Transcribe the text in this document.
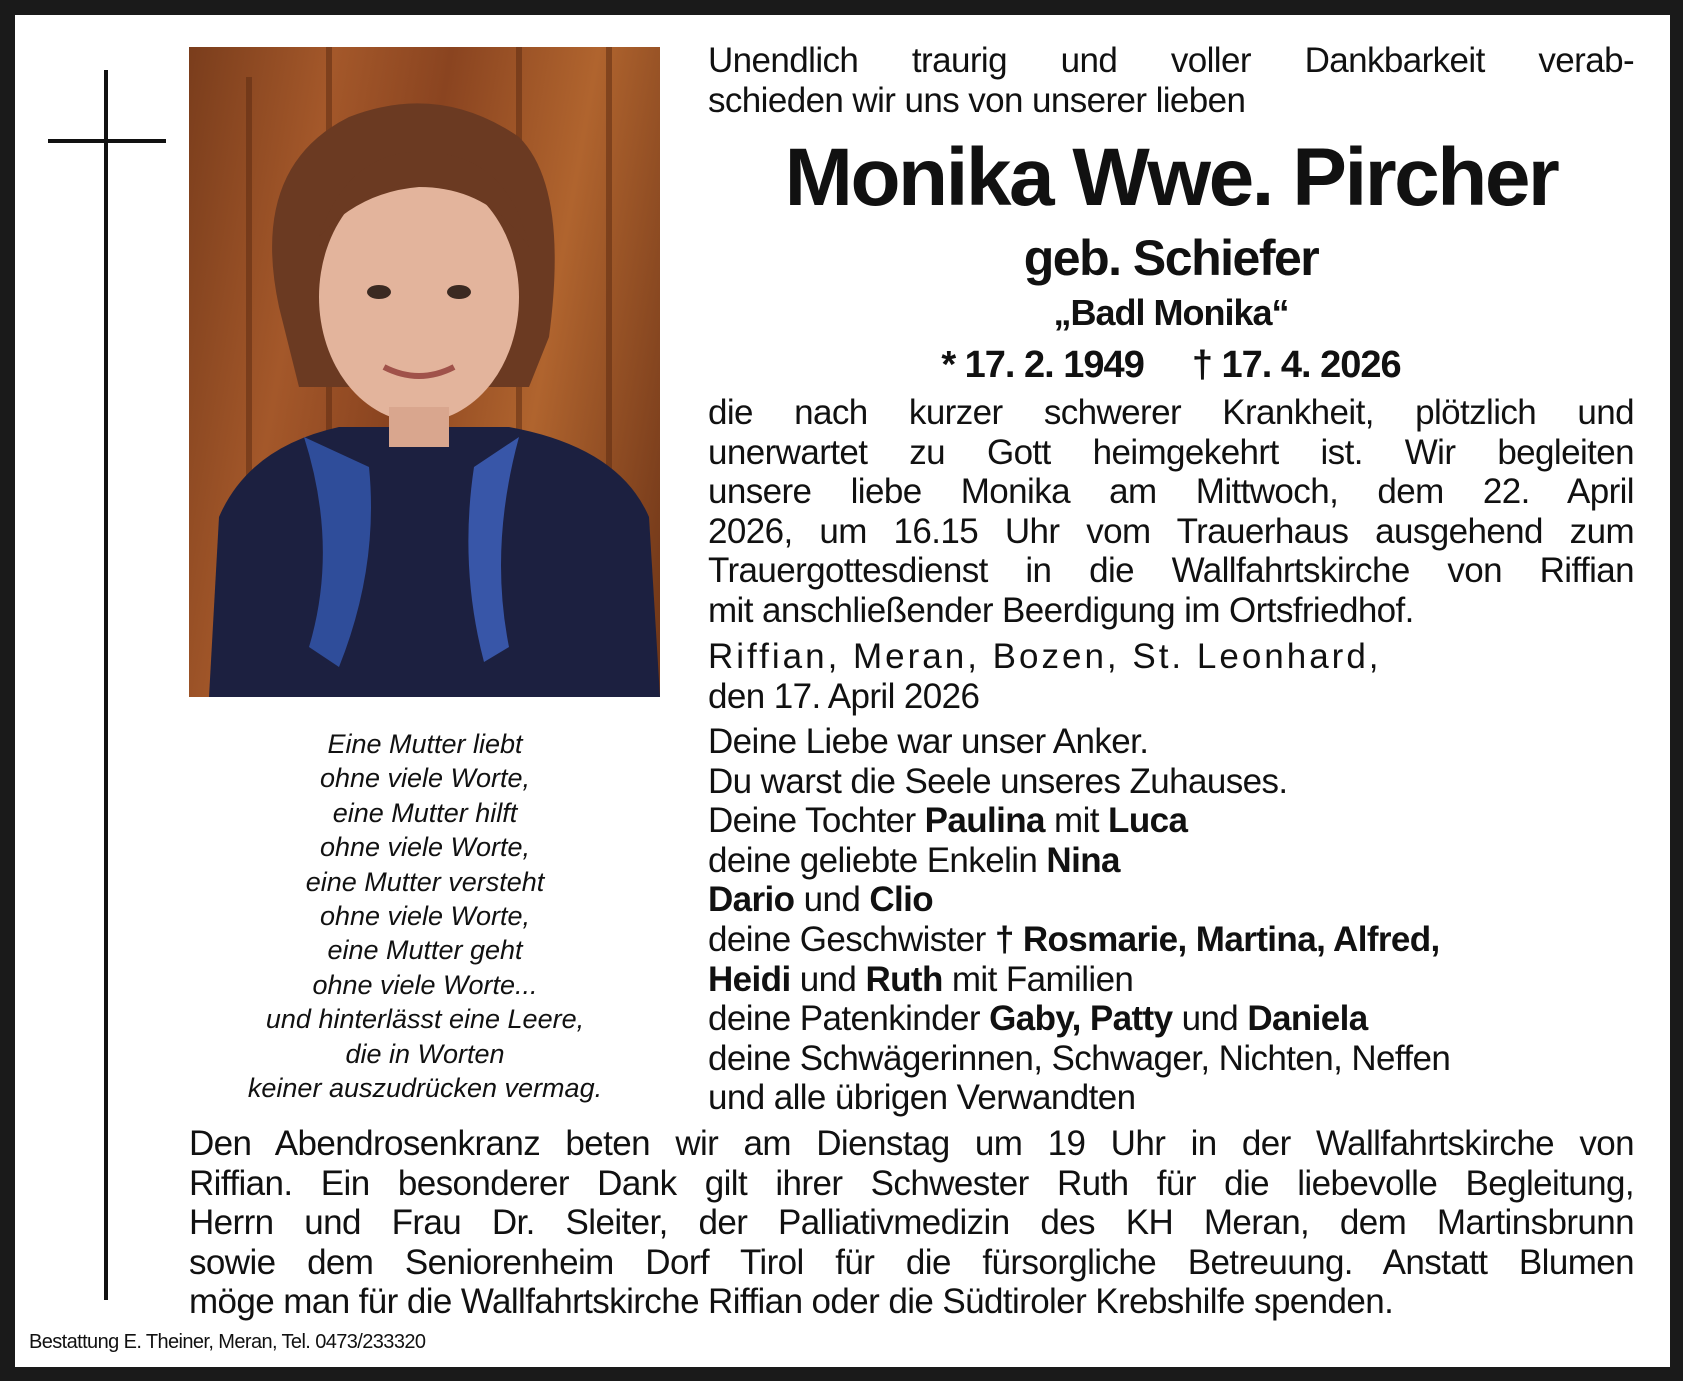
Unendlich traurig und voller Dankbarkeit verab-
schieden wir uns von unserer lieben
Monika Wwe. Pircher
geb. Schiefer
„Badl Monika“
* 17. 2. 1949 † 17. 4. 2026
die nach kurzer schwerer Krankheit, plötzlich und
unerwartet zu Gott heimgekehrt ist. Wir begleiten
unsere liebe Monika am Mittwoch, dem 22. April
2026, um 16.15 Uhr vom Trauerhaus ausgehend zum
Trauergottesdienst in die Wallfahrtskirche von Riffian
mit anschließender Beerdigung im Ortsfriedhof.
Riffian, Meran, Bozen, St. Leonhard,
den 17. April 2026
Deine Liebe war unser Anker.
Du warst die Seele unseres Zuhauses.
Deine Tochter Paulina mit Luca
deine geliebte Enkelin Nina
Dario und Clio
deine Geschwister † Rosmarie, Martina, Alfred,
Heidi und Ruth mit Familien
deine Patenkinder Gaby, Patty und Daniela
deine Schwägerinnen, Schwager, Nichten, Neffen
und alle übrigen Verwandten
Eine Mutter liebt
ohne viele Worte,
eine Mutter hilft
ohne viele Worte,
eine Mutter versteht
ohne viele Worte,
eine Mutter geht
ohne viele Worte...
und hinterlässt eine Leere,
die in Worten
keiner auszudrücken vermag.
Den Abendrosenkranz beten wir am Dienstag um 19 Uhr in der Wallfahrtskirche von
Riffian. Ein besonderer Dank gilt ihrer Schwester Ruth für die liebevolle Begleitung,
Herrn und Frau Dr. Sleiter, der Palliativmedizin des KH Meran, dem Martinsbrunn
sowie dem Seniorenheim Dorf Tirol für die fürsorgliche Betreuung. Anstatt Blumen
möge man für die Wallfahrtskirche Riffian oder die Südtiroler Krebshilfe spenden.
Bestattung E. Theiner, Meran, Tel. 0473/233320
